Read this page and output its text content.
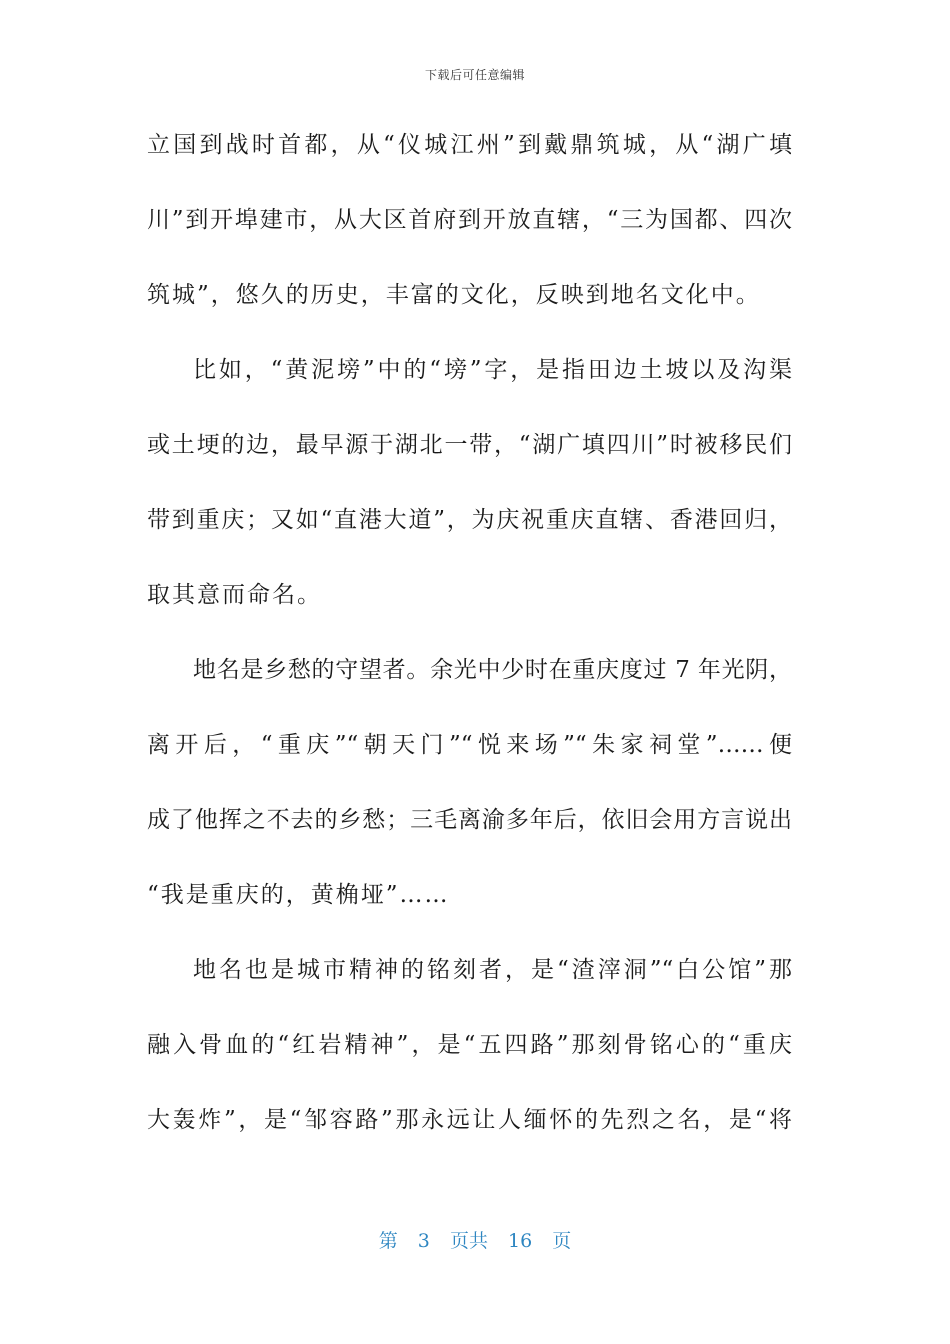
下载后可任意编辑
立国到战时首都，从“仪城江州”到戴鼎筑城，从“湖广填
川”到开埠建市，从大区首府到开放直辖，“三为国都、四次
筑城”，悠久的历史，丰富的文化，反映到地名文化中。
比如，“黄泥塝”中的“塝”字，是指田边土坡以及沟渠
或土埂的边，最早源于湖北一带，“湖广填四川”时被移民们
带到重庆；又如“直港大道”，为庆祝重庆直辖、香港回归，
取其意而命名。
地名是乡愁的守望者。余光中少时在重庆度过 7 年光阴，
离开后，“重庆”“朝天门”“悦来场”“朱家祠堂”……便
成了他挥之不去的乡愁；三毛离渝多年后，依旧会用方言说出
“我是重庆的，黄桷垭”……
地名也是城市精神的铭刻者，是“渣滓洞”“白公馆”那
融入骨血的“红岩精神”，是“五四路”那刻骨铭心的“重庆
大轰炸”，是“邹容路”那永远让人缅怀的先烈之名，是“将
第 3 页共 16 页
